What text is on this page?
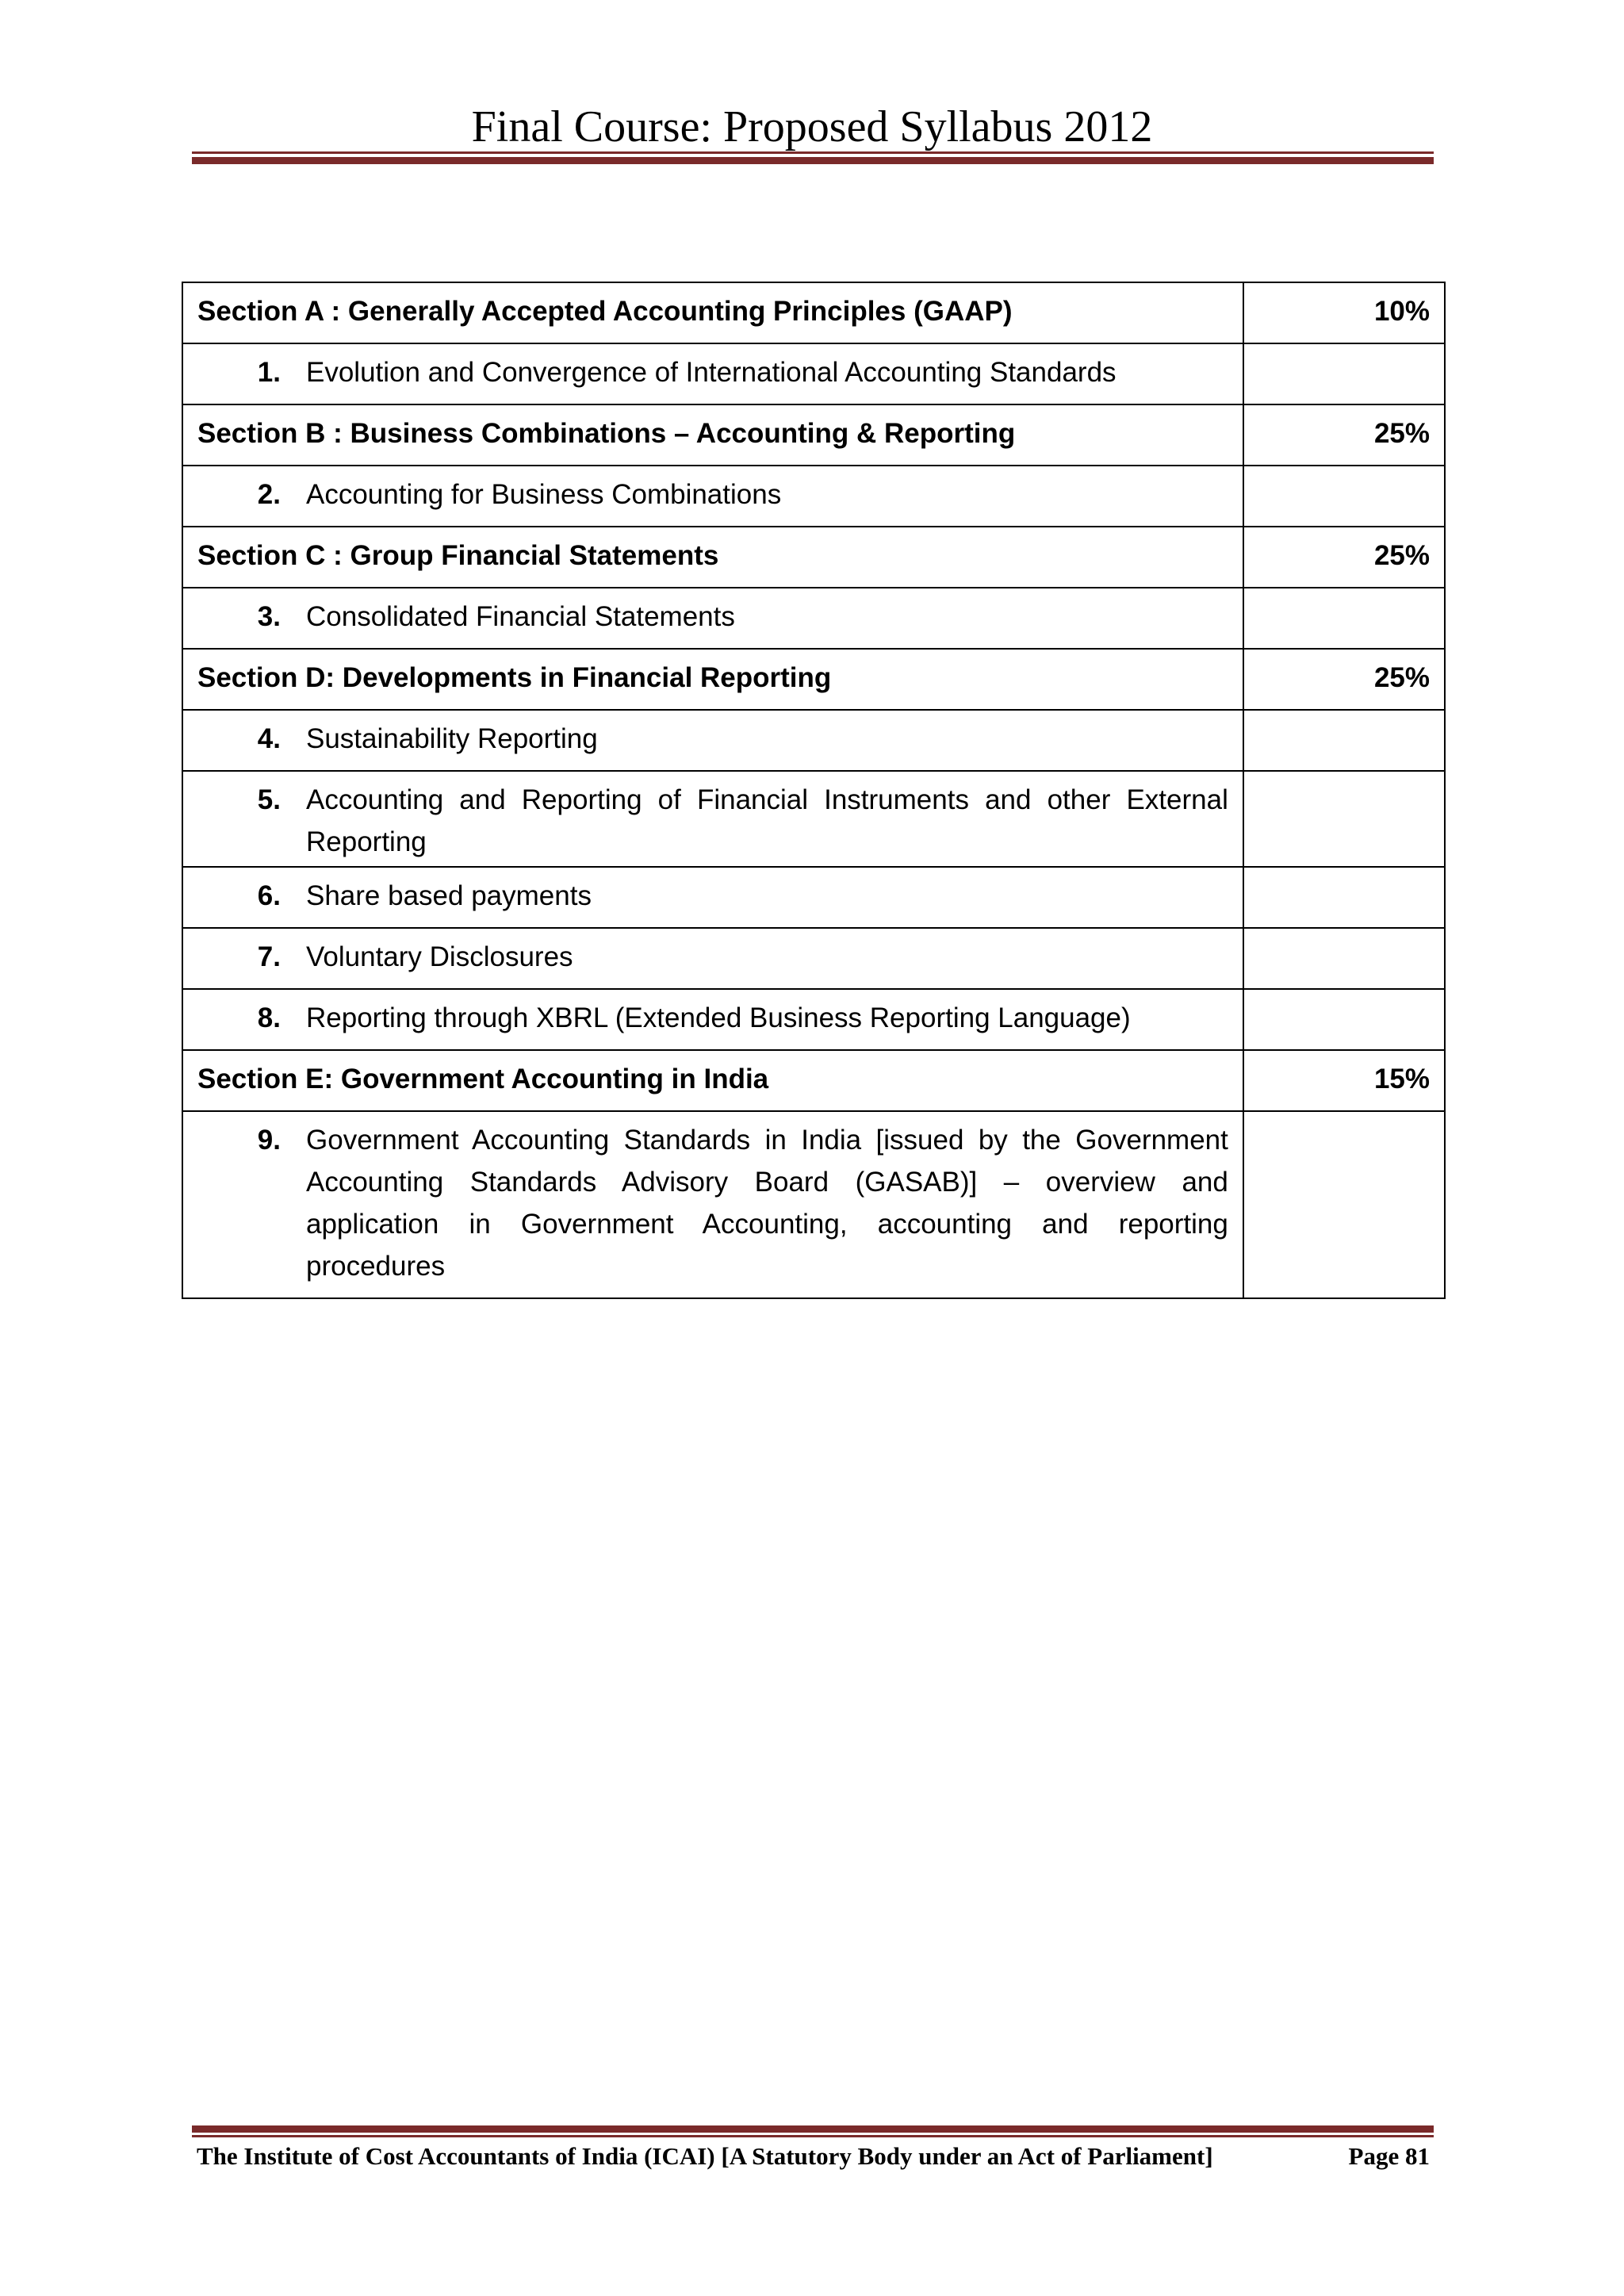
Final Course: Proposed Syllabus 2012
Section A : Generally Accepted Accounting Principles (GAAP)	10%

1. Evolution and Convergence of International Accounting Standards	

Section B : Business Combinations – Accounting & Reporting	25%

2. Accounting for Business Combinations	

Section C : Group Financial Statements	25%

3. Consolidated Financial Statements	

Section D: Developments in Financial Reporting	25%

4. Sustainability Reporting	

5. Accounting and Reporting of Financial Instruments and other External Reporting	

6. Share based payments	

7. Voluntary Disclosures	

8. Reporting through XBRL (Extended Business Reporting Language)	

Section E: Government Accounting in India	15%

9. Government Accounting Standards in India [issued by the Government Accounting Standards Advisory Board (GASAB)] – overview and application in Government Accounting, accounting and reporting procedures	

The Institute of Cost Accountants of India (ICAI) [A Statutory Body under an Act of Parliament]	Page 81
